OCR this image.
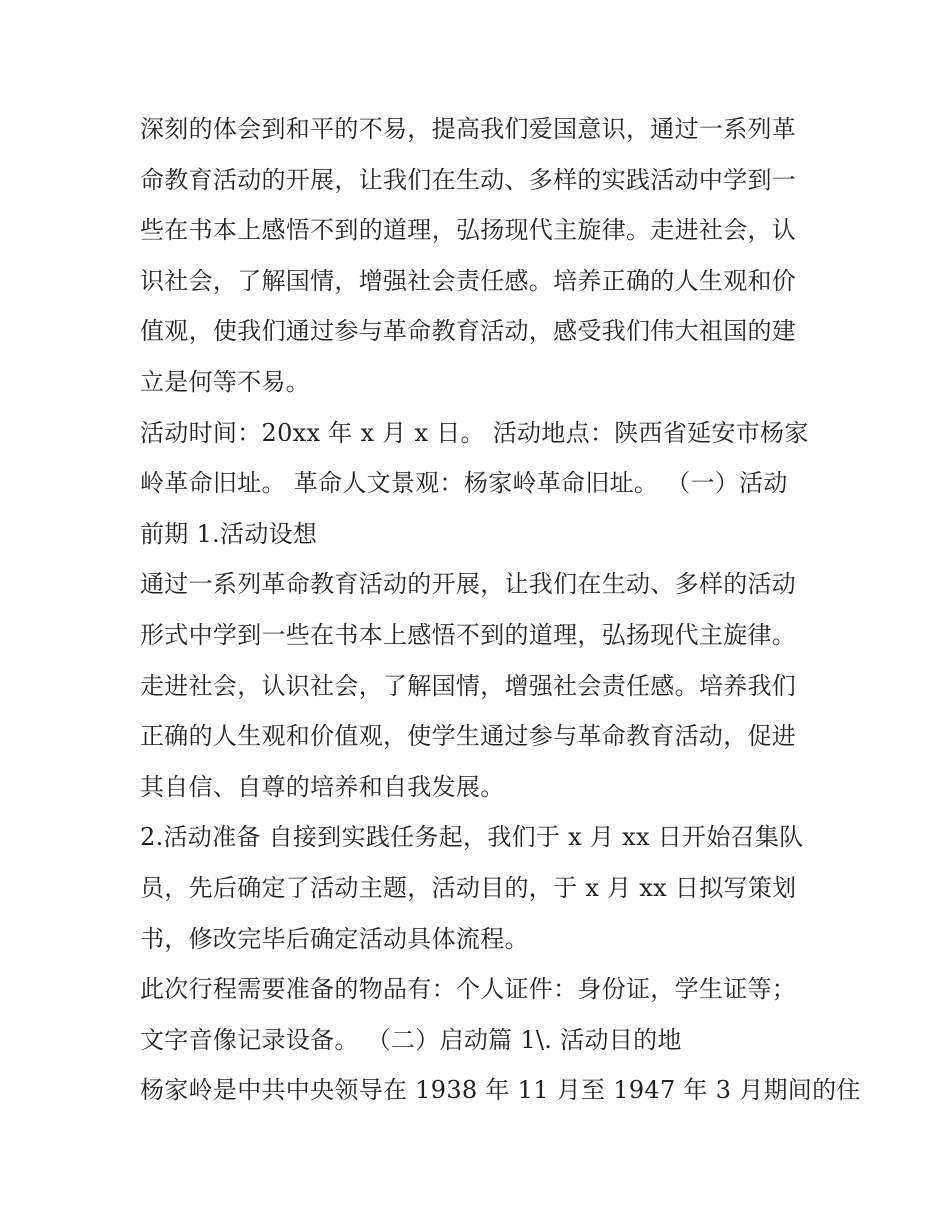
深刻的体会到和平的不易，提高我们爱国意识，通过一系列革
命教育活动的开展，让我们在生动、多样的实践活动中学到一
些在书本上感悟不到的道理，弘扬现代主旋律。走进社会，认
识社会，了解国情，增强社会责任感。培养正确的人生观和价
值观，使我们通过参与革命教育活动，感受我们伟大祖国的建
立是何等不易。
活动时间：20xx 年 x 月 x 日。 活动地点：陕西省延安市杨家
岭革命旧址。 革命人文景观：杨家岭革命旧址。 （一）活动
前期 1.活动设想
通过一系列革命教育活动的开展，让我们在生动、多样的活动
形式中学到一些在书本上感悟不到的道理，弘扬现代主旋律。
走进社会，认识社会，了解国情，增强社会责任感。培养我们
正确的人生观和价值观，使学生通过参与革命教育活动，促进
其自信、自尊的培养和自我发展。
2.活动准备 自接到实践任务起，我们于 x 月 xx 日开始召集队
员，先后确定了活动主题，活动目的，于 x 月 xx 日拟写策划
书，修改完毕后确定活动具体流程。
此次行程需要准备的物品有：个人证件：身份证，学生证等；
文字音像记录设备。 （二）启动篇 1\. 活动目的地
杨家岭是中共中央领导在 1938 年 11 月至 1947 年 3 月期间的住
